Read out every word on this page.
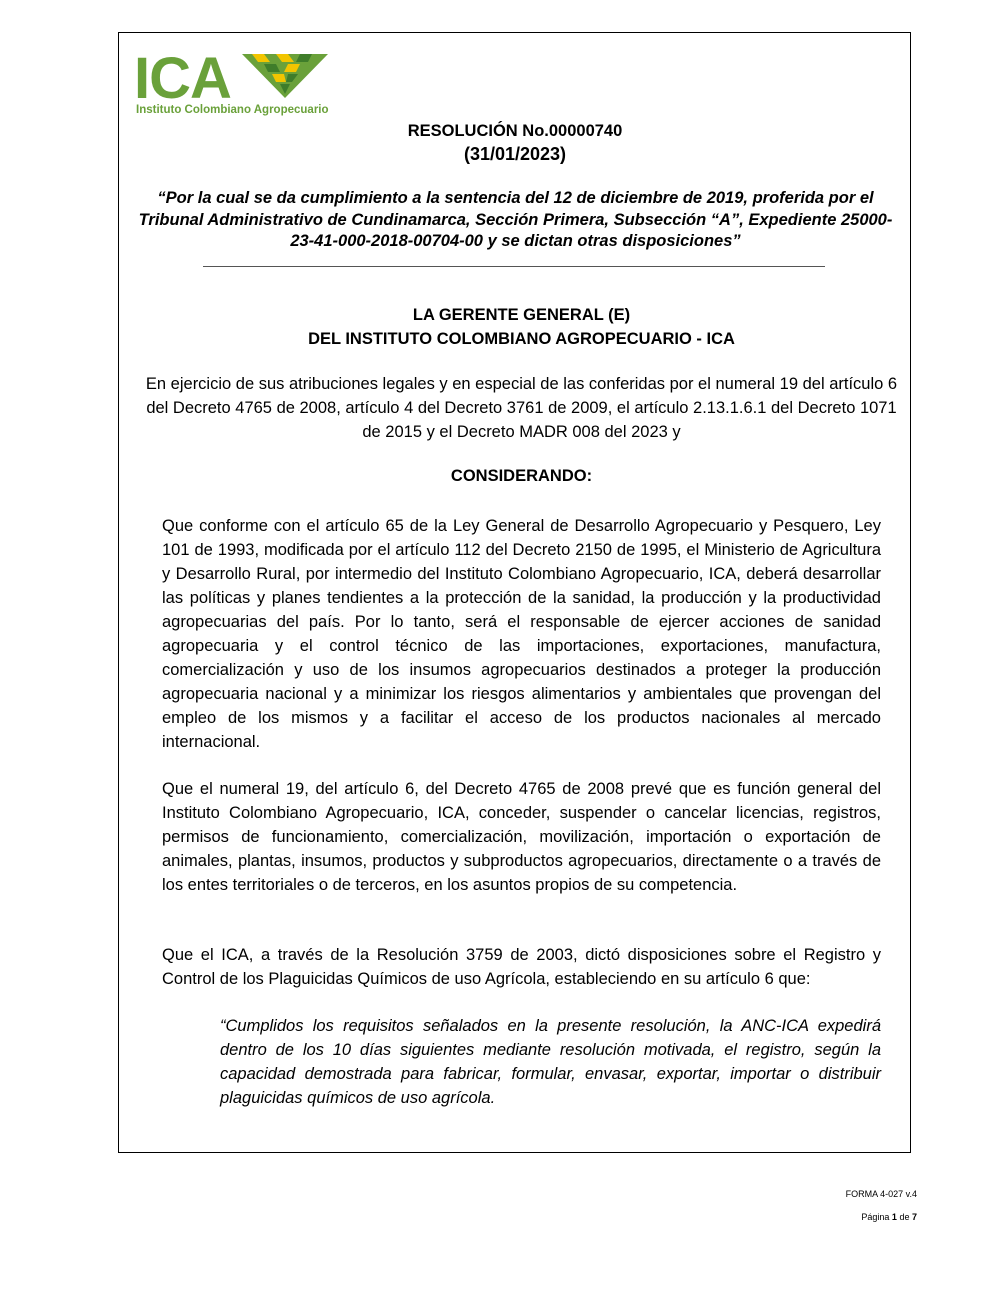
ICA
Instituto Colombiano Agropecuario
RESOLUCIÓN No.00000740
(31/01/2023)
“Por la cual se da cumplimiento a la sentencia del 12 de diciembre de 2019, proferida por el Tribunal Administrativo de Cundinamarca, Sección Primera, Subsección “A”, Expediente 25000-23-41-000-2018-00704-00 y se dictan otras disposiciones”
LA GERENTE GENERAL (E)
DEL INSTITUTO COLOMBIANO AGROPECUARIO - ICA
En ejercicio de sus atribuciones legales y en especial de las conferidas por el numeral 19 del artículo 6 del Decreto 4765 de 2008, artículo 4 del Decreto 3761 de 2009, el artículo 2.13.1.6.1 del Decreto 1071 de 2015 y el Decreto MADR 008 del 2023 y
CONSIDERANDO:
Que conforme con el artículo 65 de la Ley General de Desarrollo Agropecuario y Pesquero, Ley 101 de 1993, modificada por el artículo 112 del Decreto 2150 de 1995, el Ministerio de Agricultura y Desarrollo Rural, por intermedio del Instituto Colombiano Agropecuario, ICA, deberá desarrollar las políticas y planes tendientes a la protección de la sanidad, la producción y la productividad agropecuarias del país. Por lo tanto, será el responsable de ejercer acciones de sanidad agropecuaria y el control técnico de las importaciones, exportaciones, manufactura, comercialización y uso de los insumos agropecuarios destinados a proteger la producción agropecuaria nacional y a minimizar los riesgos alimentarios y ambientales que provengan del empleo de los mismos y a facilitar el acceso de los productos nacionales al mercado internacional.
Que el numeral 19, del artículo 6, del Decreto 4765 de 2008 prevé que es función general del Instituto Colombiano Agropecuario, ICA, conceder, suspender o cancelar licencias, registros, permisos de funcionamiento, comercialización, movilización, importación o exportación de animales, plantas, insumos, productos y subproductos agropecuarios, directamente o a través de los entes territoriales o de terceros, en los asuntos propios de su competencia.
Que el ICA, a través de la Resolución 3759 de 2003, dictó disposiciones sobre el Registro y Control de los Plaguicidas Químicos de uso Agrícola, estableciendo en su artículo 6 que:
“Cumplidos los requisitos señalados en la presente resolución, la ANC-ICA expedirá dentro de los 10 días siguientes mediante resolución motivada, el registro, según la capacidad demostrada para fabricar, formular, envasar, exportar, importar o distribuir plaguicidas químicos de uso agrícola.
FORMA 4-027 v.4
Página 1 de 7
